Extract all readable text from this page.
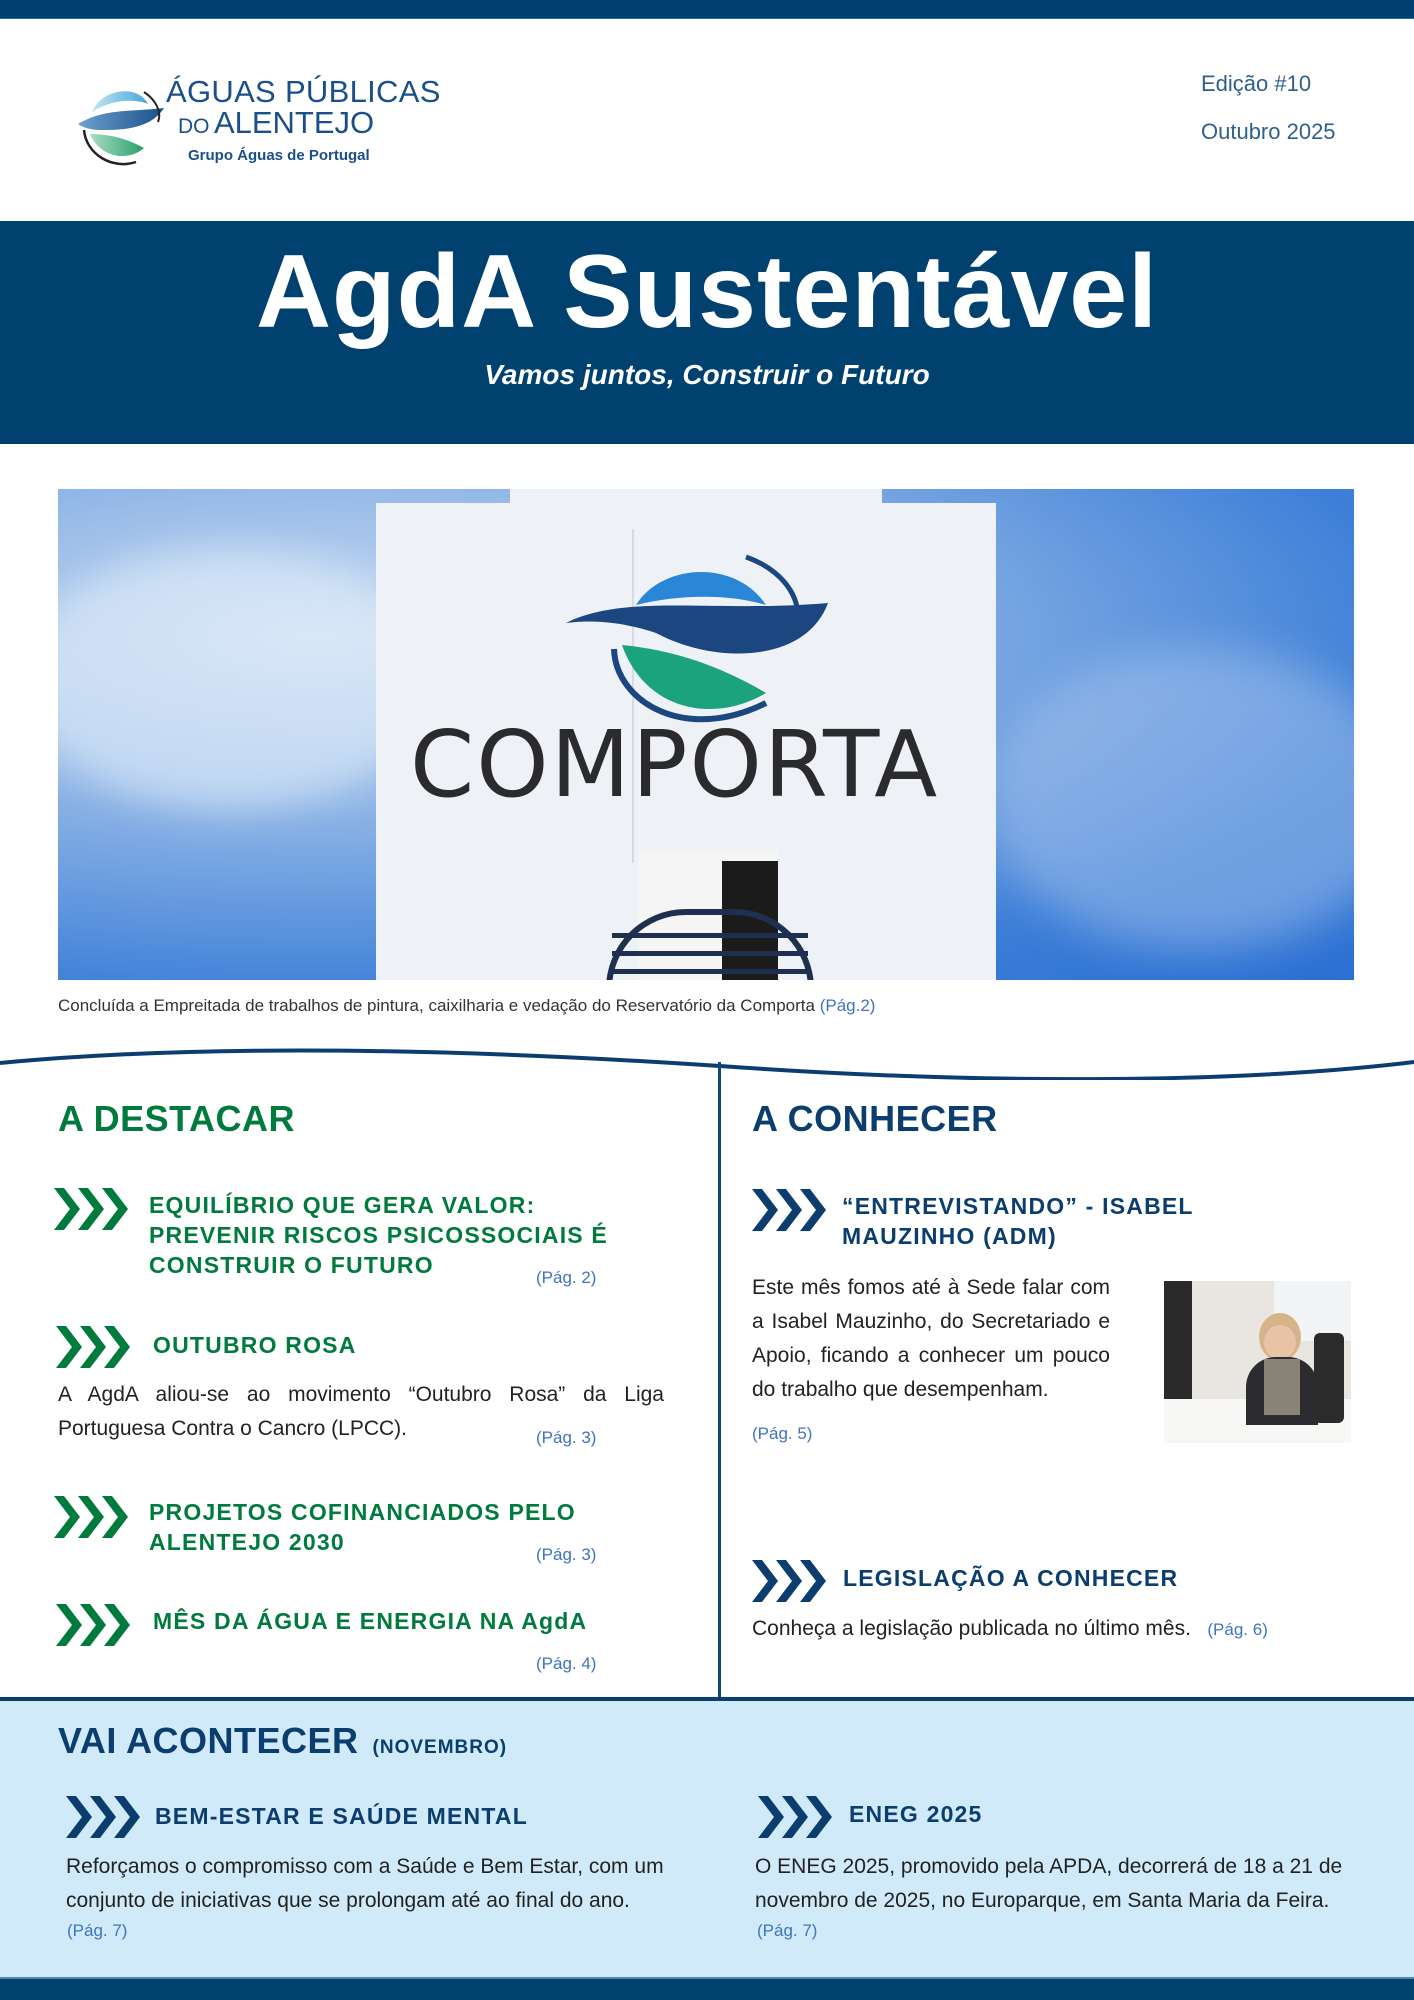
ÁGUAS PÚBLICAS
DO ALENTEJO
Grupo Águas de Portugal
Edição #10
Outubro 2025
AgdA Sustentável
Vamos juntos, Construir o Futuro
COMPORTA
Concluída a Empreitada de trabalhos de pintura, caixilharia e vedação do Reservatório da Comporta (Pág.2)
A DESTACAR
EQUILÍBRIO QUE GERA VALOR: PREVENIR RISCOS PSICOSSOCIAIS É CONSTRUIR O FUTURO	(Pág. 2)
OUTUBRO ROSA
A AgdA aliou-se ao movimento “Outubro Rosa” da Liga Portuguesa Contra o Cancro (LPCC).	(Pág. 3)
PROJETOS COFINANCIADOS PELO ALENTEJO 2030	(Pág. 3)
MÊS DA ÁGUA E ENERGIA NA AgdA
(Pág. 4)
A CONHECER
“ENTREVISTANDO” - ISABEL MAUZINHO (ADM)
Este mês fomos até à Sede falar com a Isabel Mauzinho, do Secretariado e Apoio, ficando a conhecer um pouco do trabalho que desempenham.
(Pág. 5)
LEGISLAÇÃO A CONHECER
Conheça a legislação publicada no último mês. (Pág. 6)
VAI ACONTECER (NOVEMBRO)
BEM-ESTAR E SAÚDE MENTAL
Reforçamos o compromisso com a Saúde e Bem Estar, com um conjunto de iniciativas que se prolongam até ao final do ano.
(Pág. 7)
ENEG 2025
O ENEG 2025, promovido pela APDA, decorrerá de 18 a 21 de novembro de 2025, no Europarque, em Santa Maria da Feira.
(Pág. 7)
